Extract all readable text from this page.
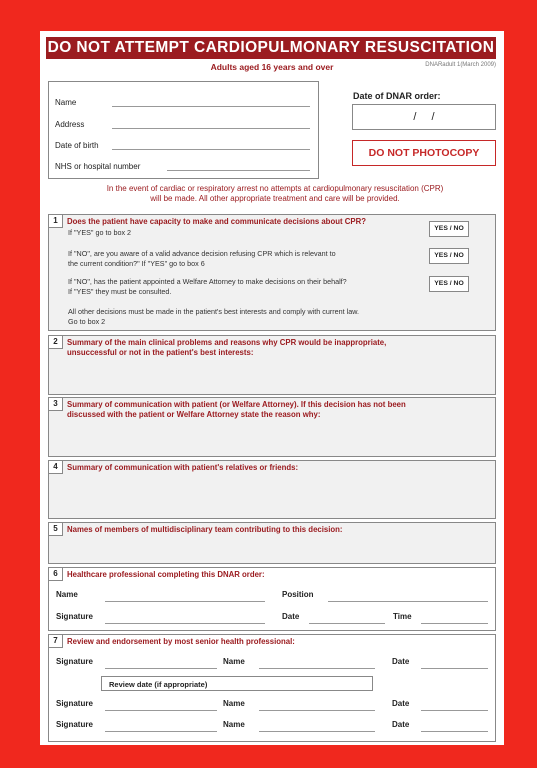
DO NOT ATTEMPT CARDIOPULMONARY RESUSCITATION
Adults aged 16 years and over	DNARadult 1(March 2009)
Name
Address
Date of birth
NHS or hospital number
Date of DNAR order:
/ /
DO NOT PHOTOCOPY
In the event of cardiac or respiratory arrest no attempts at cardiopulmonary resuscitation (CPR)
will be made. All other appropriate treatment and care will be provided.
1	Does the patient have capacity to make and communicate decisions about CPR?
If "YES" go to box 2	YES / NO
If "NO", are you aware of a valid advance decision refusing CPR which is relevant to
the current condition?" If "YES" go to box 6
YES / NO
If "NO", has the patient appointed a Welfare Attorney to make decisions on their behalf?
If "YES" they must be consulted.
YES / NO
All other decisions must be made in the patient's best interests and comply with current law.
Go to box 2
2	Summary of the main clinical problems and reasons why CPR would be inappropriate,
unsuccessful or not in the patient's best interests:
3	Summary of communication with patient (or Welfare Attorney). If this decision has not been
discussed with the patient or Welfare Attorney state the reason why:
4	Summary of communication with patient's relatives or friends:
5	Names of members of multidisciplinary team contributing to this decision:
6	Healthcare professional completing this DNAR order:
Name	Position
Signature	Date	Time
7	Review and endorsement by most senior health professional:
Signature	Name	Date
Signature	Name	Date
Signature	Name	Date
Review date (if appropriate)
